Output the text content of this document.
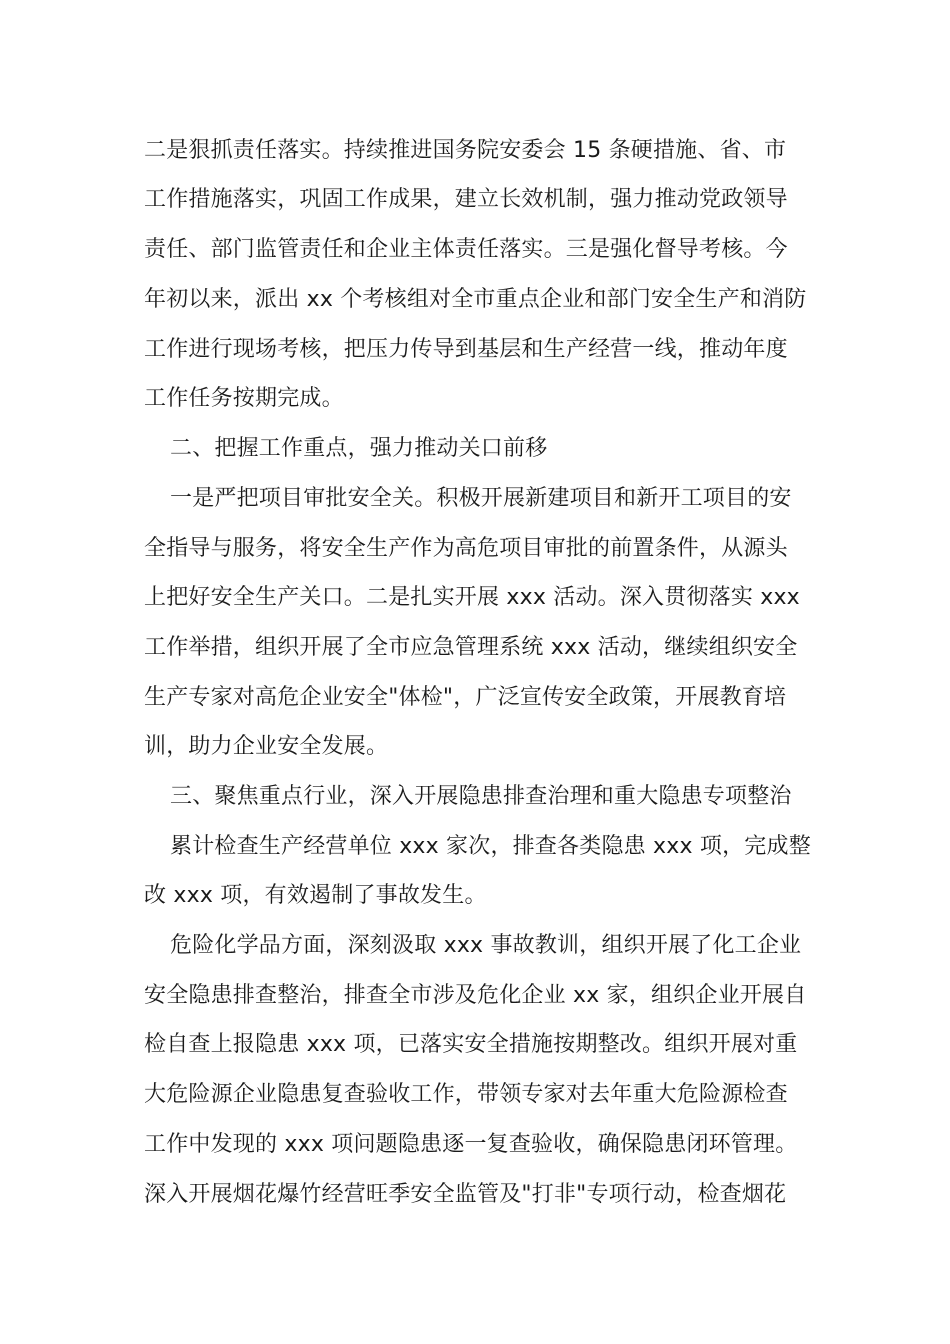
二是狠抓责任落实。持续推进国务院安委会 15 条硬措施、省、市
工作措施落实，巩固工作成果，建立长效机制，强力推动党政领导
责任、部门监管责任和企业主体责任落实。三是强化督导考核。今
年初以来，派出 xx 个考核组对全市重点企业和部门安全生产和消防
工作进行现场考核，把压力传导到基层和生产经营一线，推动年度
工作任务按期完成。
二、把握工作重点，强力推动关口前移
一是严把项目审批安全关。积极开展新建项目和新开工项目的安
全指导与服务，将安全生产作为高危项目审批的前置条件，从源头
上把好安全生产关口。二是扎实开展 xxx 活动。深入贯彻落实 xxx
工作举措，组织开展了全市应急管理系统 xxx 活动，继续组织安全
生产专家对高危企业安全"体检"，广泛宣传安全政策，开展教育培
训，助力企业安全发展。
三、聚焦重点行业，深入开展隐患排查治理和重大隐患专项整治
累计检查生产经营单位 xxx 家次，排查各类隐患 xxx 项，完成整
改 xxx 项，有效遏制了事故发生。
危险化学品方面，深刻汲取 xxx 事故教训，组织开展了化工企业
安全隐患排查整治，排查全市涉及危化企业 xx 家，组织企业开展自
检自查上报隐患 xxx 项，已落实安全措施按期整改。组织开展对重
大危险源企业隐患复查验收工作，带领专家对去年重大危险源检查
工作中发现的 xxx 项问题隐患逐一复查验收，确保隐患闭环管理。
深入开展烟花爆竹经营旺季安全监管及"打非"专项行动，检查烟花
